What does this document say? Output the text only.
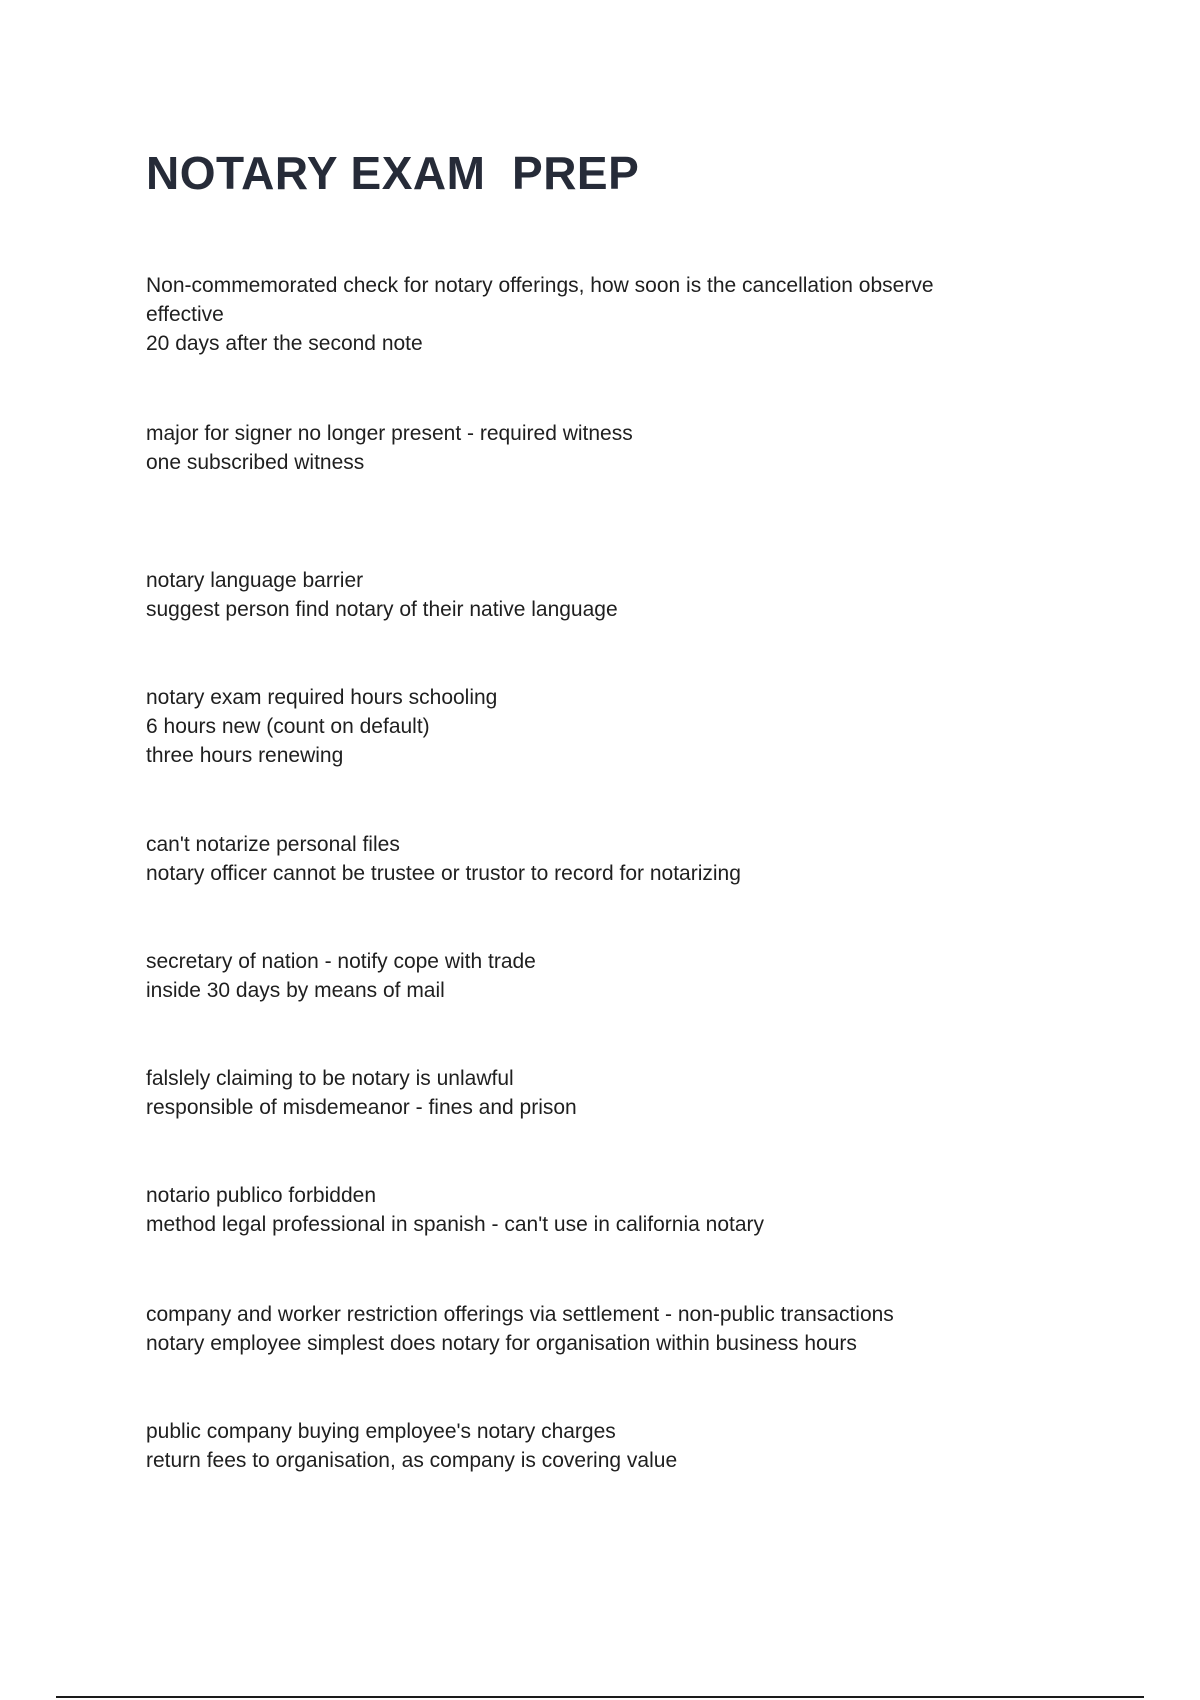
NOTARY EXAM  PREP
Non-commemorated check for notary offerings, how soon is the cancellation observe
effective
20 days after the second note
major for signer no longer present - required witness
one subscribed witness
notary language barrier
suggest person find notary of their native language
notary exam required hours schooling
6 hours new (count on default)
three hours renewing
can't notarize personal files
notary officer cannot be trustee or trustor to record for notarizing
secretary of nation - notify cope with trade
inside 30 days by means of mail
falslely claiming to be notary is unlawful
responsible of misdemeanor - fines and prison
notario publico forbidden
method legal professional in spanish - can't use in california notary
company and worker restriction offerings via settlement - non-public transactions
notary employee simplest does notary for organisation within business hours
public company buying employee's notary charges
return fees to organisation, as company is covering value
